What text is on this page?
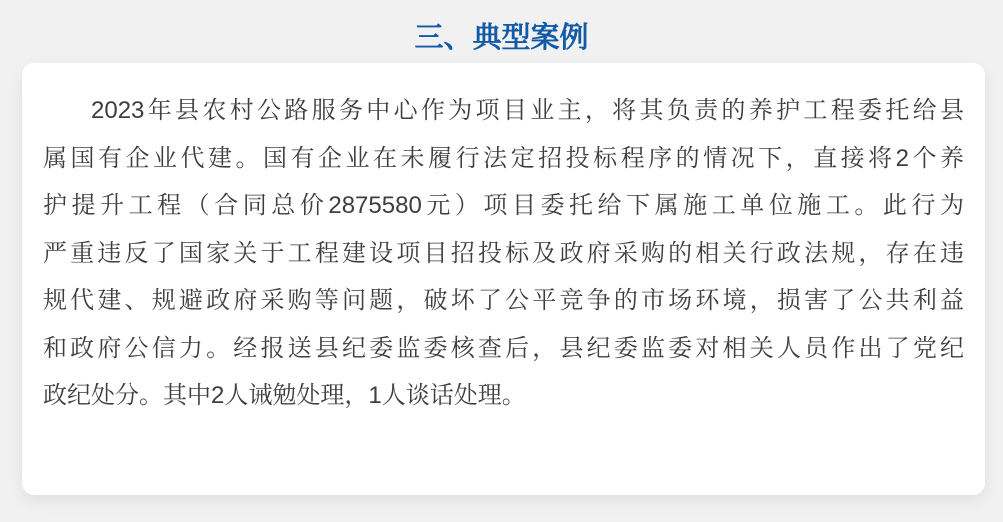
三、典型案例

2023年县农村公路服务中心作为项目业主，将其负责的养护工程委托给县

属国有企业代建。国有企业在未履行法定招投标程序的情况下，直接将2个养

护提升工程（合同总价2875580元）项目委托给下属施工单位施工。此行为

严重违反了国家关于工程建设项目招投标及政府采购的相关行政法规，存在违

规代建、规避政府采购等问题，破坏了公平竞争的市场环境，损害了公共利益

和政府公信力。经报送县纪委监委核查后，县纪委监委对相关人员作出了党纪

政纪处分。其中2人诫勉处理，1人谈话处理。
